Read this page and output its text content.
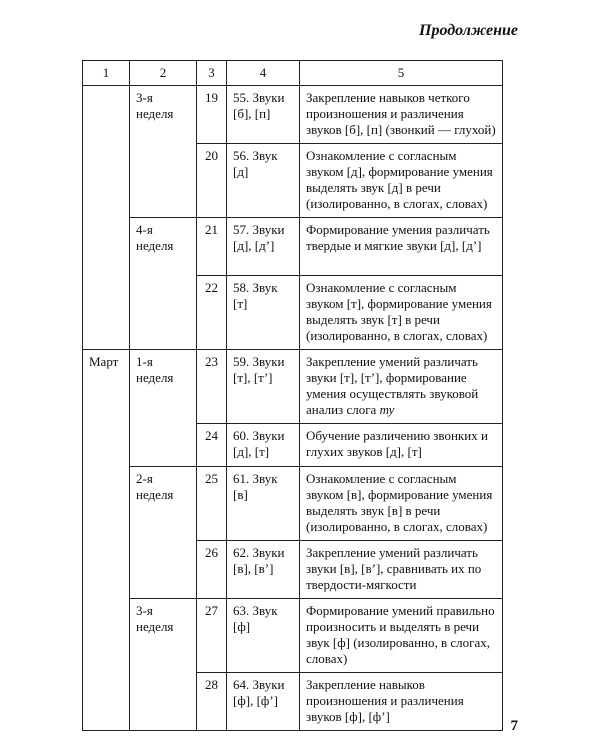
Продолжение
1	2	3	4	5
	3-я неделя	19	55. Звуки [б], [п]	Закрепление навыков четкого произношения и различения звуков [б], [п] (звонкий — глухой)
		20	56. Звук [д]	Ознакомление с согласным звуком [д], формирование умения выделять звук [д] в речи (изолированно, в слогах, словах)
	4-я неделя	21	57. Звуки [д], [д’]	Формирование умения различать твердые и мягкие звуки [д], [д’]
		22	58. Звук [т]	Ознакомление с согласным звуком [т], формирование умения выделять звук [т] в речи (изолированно, в слогах, словах)
Март	1-я неделя	23	59. Звуки [т], [т’]	Закрепление умений различать звуки [т], [т’], формирование умения осуществлять звуковой анализ слога ту
		24	60. Звуки [д], [т]	Обучение различению звонких и глухих звуков [д], [т]
	2-я неделя	25	61. Звук [в]	Ознакомление с согласным звуком [в], формирование умения выделять звук [в] в речи (изолированно, в слогах, словах)
		26	62. Звуки [в], [в’]	Закрепление умений различать звуки [в], [в’], сравнивать их по твердости-мягкости
	3-я неделя	27	63. Звук [ф]	Формирование умений правильно произносить и выделять в речи звук [ф] (изолированно, в слогах, словах)
		28	64. Звуки [ф], [ф’]	Закрепление навыков произношения и различения звуков [ф], [ф’]
7
